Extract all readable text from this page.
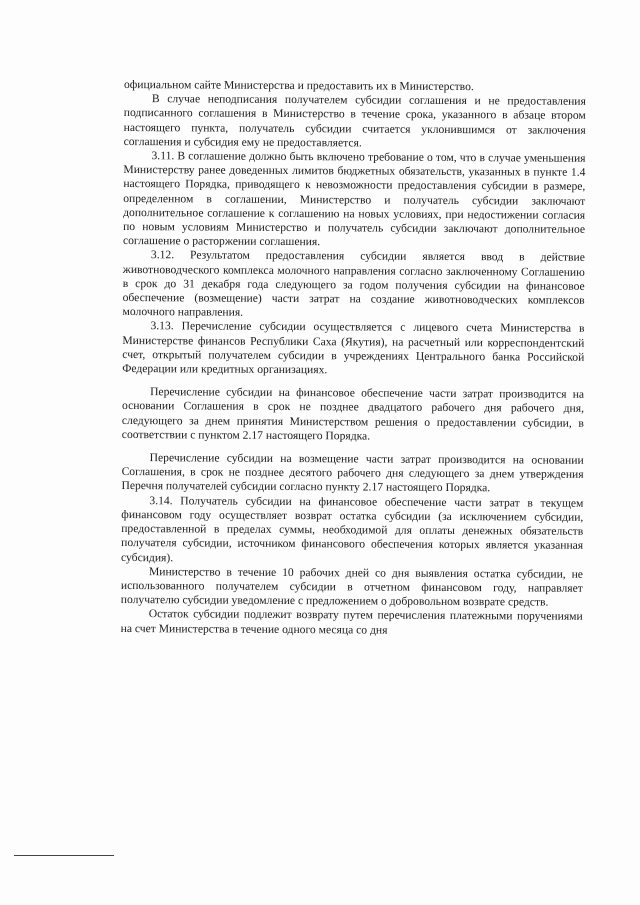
официальном сайте Министерства и предоставить их в Министерство.

В случае неподписания получателем субсидии соглашения и не предоставления подписанного соглашения в Министерство в течение срока, указанного в абзаце втором настоящего пункта, получатель субсидии считается уклонившимся от заключения соглашения и субсидия ему не предоставляется.

3.11. В соглашение должно быть включено требование о том, что в случае уменьшения Министерству ранее доведенных лимитов бюджетных обязательств, указанных в пункте 1.4 настоящего Порядка, приводящего к невозможности предоставления субсидии в размере, определенном в соглашении, Министерство и получатель субсидии заключают дополнительное соглашение к соглашению на новых условиях, при недостижении согласия по новым условиям Министерство и получатель субсидии заключают дополнительное соглашение о расторжении соглашения.

3.12. Результатом предоставления субсидии является ввод в действие животноводческого комплекса молочного направления согласно заключенному Соглашению в срок до 31 декабря года следующего за годом получения субсидии на финансовое обеспечение (возмещение) части затрат на создание животноводческих комплексов молочного направления.

3.13. Перечисление субсидии осуществляется с лицевого счета Министерства в Министерстве финансов Республики Саха (Якутия), на расчетный или корреспондентский счет, открытый получателем субсидии в учреждениях Центрального банка Российской Федерации или кредитных организациях.

Перечисление субсидии на финансовое обеспечение части затрат производится на основании Соглашения в срок не позднее двадцатого рабочего дня рабочего дня, следующего за днем принятия Министерством решения о предоставлении субсидии, в соответствии с пунктом 2.17 настоящего Порядка.

Перечисление субсидии на возмещение части затрат производится на основании Соглашения, в срок не позднее десятого рабочего дня следующего за днем утверждения Перечня получателей субсидии согласно пункту 2.17 настоящего Порядка.

3.14. Получатель субсидии на финансовое обеспечение части затрат в текущем финансовом году осуществляет возврат остатка субсидии (за исключением субсидии, предоставленной в пределах суммы, необходимой для оплаты денежных обязательств получателя субсидии, источником финансового обеспечения которых является указанная субсидия).

Министерство в течение 10 рабочих дней со дня выявления остатка субсидии, не использованного получателем субсидии в отчетном финансовом году, направляет получателю субсидии уведомление с предложением о добровольном возврате средств.

Остаток субсидии подлежит возврату путем перечисления платежными поручениями на счет Министерства в течение одного месяца со дня
